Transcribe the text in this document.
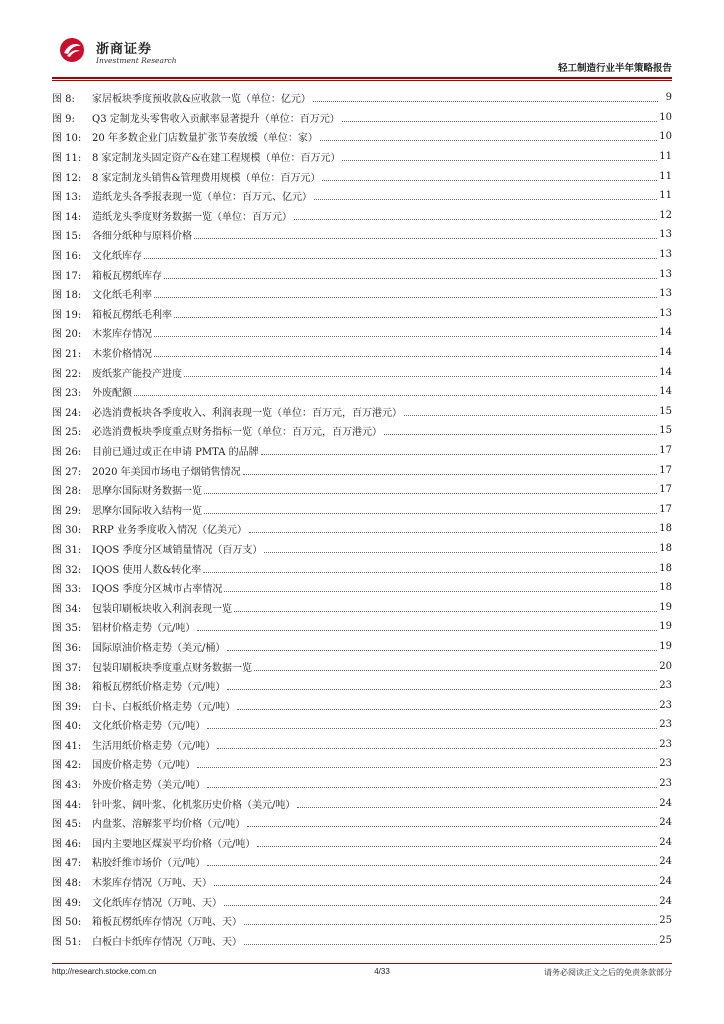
浙商证券
Investment Research
轻工制造行业半年策略报告
图 8: 家居板块季度预收款&应收款一览（单位：亿元）	9
图 9: Q3 定制龙头零售收入贡献率显著提升（单位：百万元）	10
图 10: 20 年多数企业门店数量扩张节奏放缓（单位：家）	10
图 11: 8 家定制龙头固定资产&在建工程规模（单位：百万元）	11
图 12: 8 家定制龙头销售&管理费用规模（单位：百万元）	11
图 13: 造纸龙头各季报表现一览（单位：百万元、亿元）	11
图 14: 造纸龙头季度财务数据一览（单位：百万元）	12
图 15: 各细分纸种与原料价格	13
图 16: 文化纸库存	13
图 17: 箱板瓦楞纸库存	13
图 18: 文化纸毛利率	13
图 19: 箱板瓦楞纸毛利率	13
图 20: 木浆库存情况	14
图 21: 木浆价格情况	14
图 22: 废纸浆产能投产进度	14
图 23: 外废配额	14
图 24: 必选消费板块各季度收入、利润表现一览（单位：百万元，百万港元）	15
图 25: 必选消费板块季度重点财务指标一览（单位：百万元，百万港元）	15
图 26: 目前已通过或正在申请 PMTA 的品牌	17
图 27: 2020 年美国市场电子烟销售情况	17
图 28: 思摩尔国际财务数据一览	17
图 29: 思摩尔国际收入结构一览	17
图 30: RRP 业务季度收入情况（亿美元）	18
图 31: IQOS 季度分区域销量情况（百万支）	18
图 32: IQOS 使用人数&转化率	18
图 33: IQOS 季度分区城市占率情况	18
图 34: 包装印刷板块收入利润表现一览	19
图 35: 铝材价格走势（元/吨）	19
图 36: 国际原油价格走势（美元/桶）	19
图 37: 包装印刷板块季度重点财务数据一览	20
图 38: 箱板瓦楞纸价格走势（元/吨）	23
图 39: 白卡、白板纸价格走势（元/吨）	23
图 40: 文化纸价格走势（元/吨）	23
图 41: 生活用纸价格走势（元/吨）	23
图 42: 国废价格走势（元/吨）	23
图 43: 外废价格走势（美元/吨）	23
图 44: 针叶浆、阔叶浆、化机浆历史价格（美元/吨）	24
图 45: 内盘浆、溶解浆平均价格（元/吨）	24
图 46: 国内主要地区煤炭平均价格（元/吨）	24
图 47: 粘胶纤维市场价（元/吨）	24
图 48: 木浆库存情况（万吨、天）	24
图 49: 文化纸库存情况（万吨、天）	24
图 50: 箱板瓦楞纸库存情况（万吨、天）	25
图 51: 白板白卡纸库存情况（万吨、天）	25
http://research.stocke.com.cn	4/33	请务必阅读正文之后的免责条款部分
